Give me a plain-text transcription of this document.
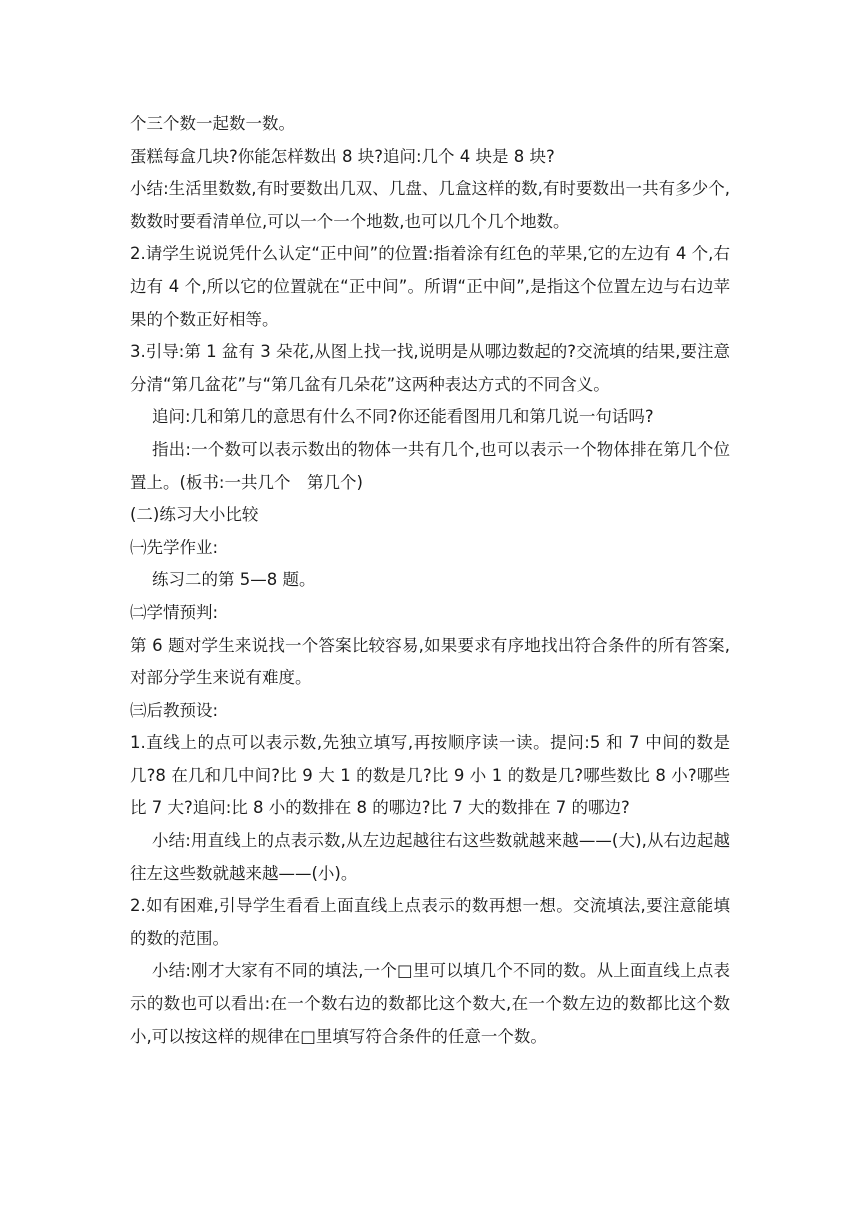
个三个数一起数一数。

蛋糕每盒几块?你能怎样数出 8 块?追问:几个 4 块是 8 块?

小结:生活里数数,有时要数出几双、几盘、几盒这样的数,有时要数出一共有多少个,数数时要看清单位,可以一个一个地数,也可以几个几个地数。

2.请学生说说凭什么认定“正中间”的位置:指着涂有红色的苹果,它的左边有 4 个,右边有 4 个,所以它的位置就在“正中间”。所谓“正中间”,是指这个位置左边与右边苹果的个数正好相等。

3.引导:第 1 盆有 3 朵花,从图上找一找,说明是从哪边数起的?交流填的结果,要注意分清“第几盆花”与“第几盆有几朵花”这两种表达方式的不同含义。

追问:几和第几的意思有什么不同?你还能看图用几和第几说一句话吗?

指出:一个数可以表示数出的物体一共有几个,也可以表示一个物体排在第几个位置上。(板书:一共几个　第几个)

(二)练习大小比较

㈠先学作业:

练习二的第 5—8 题。

㈡学情预判:

第 6 题对学生来说找一个答案比较容易,如果要求有序地找出符合条件的所有答案,对部分学生来说有难度。

㈢后教预设:

1.直线上的点可以表示数,先独立填写,再按顺序读一读。提问:5 和 7 中间的数是几?8 在几和几中间?比 9 大 1 的数是几?比 9 小 1 的数是几?哪些数比 8 小?哪些比 7 大?追问:比 8 小的数排在 8 的哪边?比 7 大的数排在 7 的哪边?

小结:用直线上的点表示数,从左边起越往右这些数就越来越——(大),从右边起越往左这些数就越来越——(小)。

2.如有困难,引导学生看看上面直线上点表示的数再想一想。交流填法,要注意能填的数的范围。

小结:刚才大家有不同的填法,一个□里可以填几个不同的数。从上面直线上点表示的数也可以看出:在一个数右边的数都比这个数大,在一个数左边的数都比这个数小,可以按这样的规律在□里填写符合条件的任意一个数。
